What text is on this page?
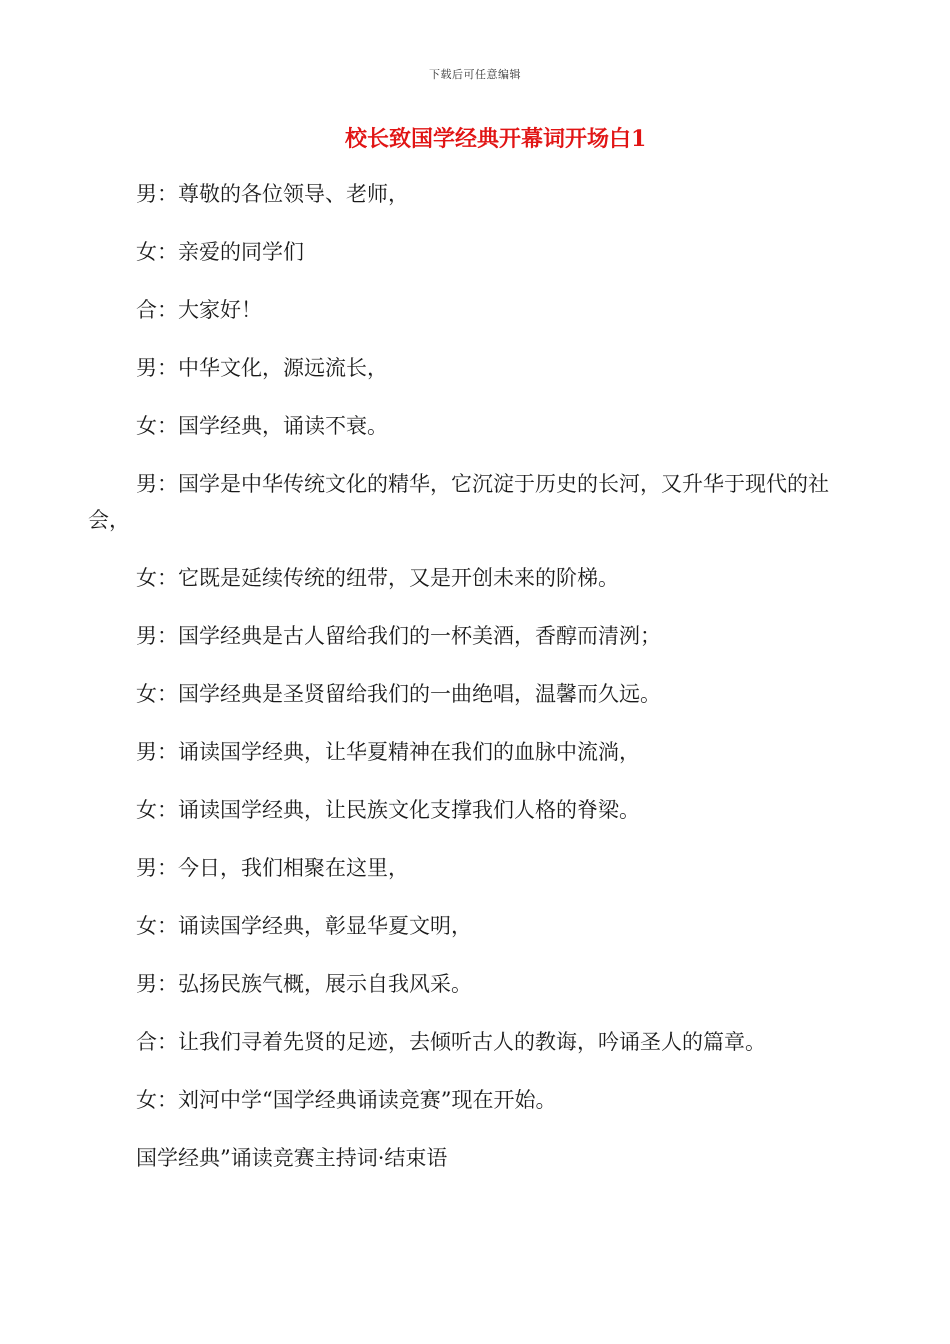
下载后可任意编辑
校长致国学经典开幕词开场白1

男：尊敬的各位领导、老师，

女：亲爱的同学们

合：大家好！

男：中华文化，源远流长，

女：国学经典，诵读不衰。

男：国学是中华传统文化的精华，它沉淀于历史的长河，又升华于现代的社会，

女：它既是延续传统的纽带，又是开创未来的阶梯。

男：国学经典是古人留给我们的一杯美酒，香醇而清洌；

女：国学经典是圣贤留给我们的一曲绝唱，温馨而久远。

男：诵读国学经典，让华夏精神在我们的血脉中流淌，

女：诵读国学经典，让民族文化支撑我们人格的脊梁。

男：今日，我们相聚在这里，

女：诵读国学经典，彰显华夏文明，

男：弘扬民族气概，展示自我风采。

合：让我们寻着先贤的足迹，去倾听古人的教诲，吟诵圣人的篇章。

女：刘河中学“国学经典诵读竞赛”现在开始。

国学经典”诵读竞赛主持词·结束语
